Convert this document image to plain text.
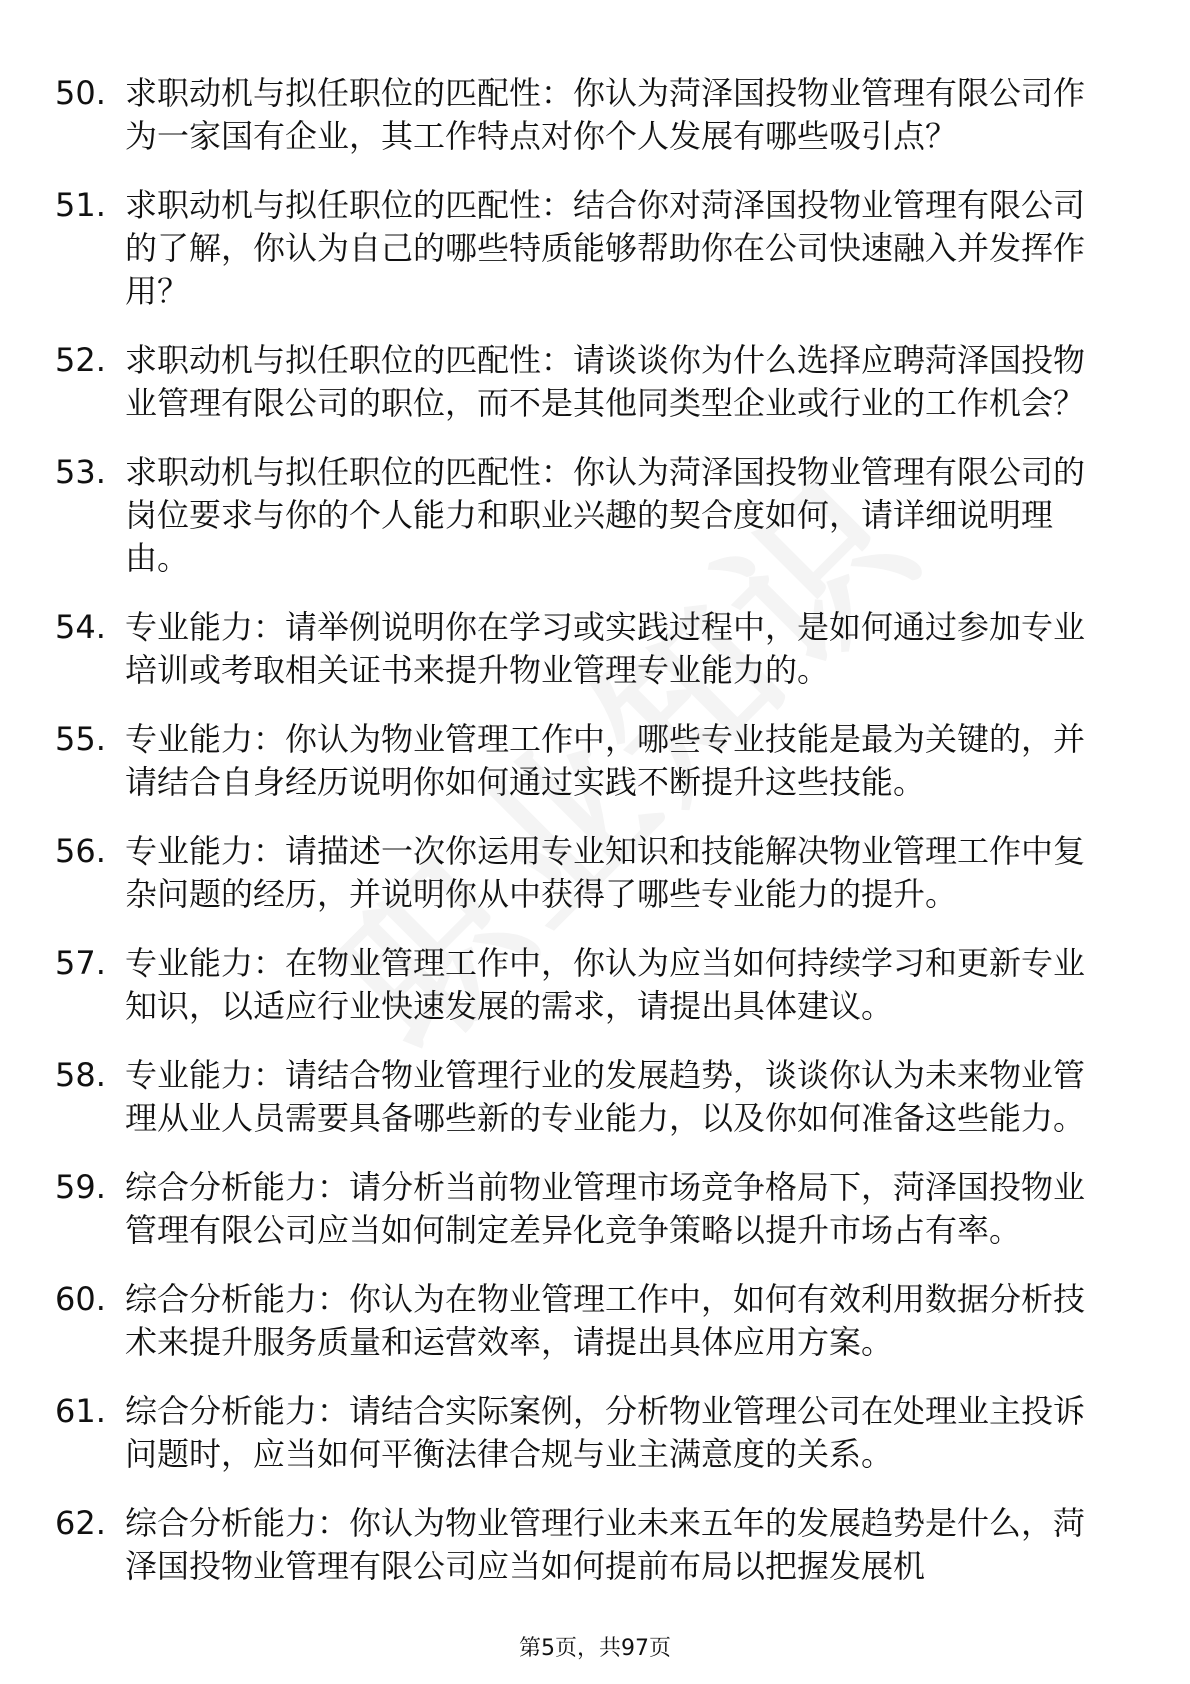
50. 求职动机与拟任职位的匹配性：你认为菏泽国投物业管理有限公司作为一家国有企业，其工作特点对你个人发展有哪些吸引点？
51. 求职动机与拟任职位的匹配性：结合你对菏泽国投物业管理有限公司的了解，你认为自己的哪些特质能够帮助你在公司快速融入并发挥作用？
52. 求职动机与拟任职位的匹配性：请谈谈你为什么选择应聘菏泽国投物业管理有限公司的职位，而不是其他同类型企业或行业的工作机会？
53. 求职动机与拟任职位的匹配性：你认为菏泽国投物业管理有限公司的岗位要求与你的个人能力和职业兴趣的契合度如何，请详细说明理由。
54. 专业能力：请举例说明你在学习或实践过程中，是如何通过参加专业培训或考取相关证书来提升物业管理专业能力的。
55. 专业能力：你认为物业管理工作中，哪些专业技能是最为关键的，并请结合自身经历说明你如何通过实践不断提升这些技能。
56. 专业能力：请描述一次你运用专业知识和技能解决物业管理工作中复杂问题的经历，并说明你从中获得了哪些专业能力的提升。
57. 专业能力：在物业管理工作中，你认为应当如何持续学习和更新专业知识，以适应行业快速发展的需求，请提出具体建议。
58. 专业能力：请结合物业管理行业的发展趋势，谈谈你认为未来物业管理从业人员需要具备哪些新的专业能力，以及你如何准备这些能力。
59. 综合分析能力：请分析当前物业管理市场竞争格局下，菏泽国投物业管理有限公司应当如何制定差异化竞争策略以提升市场占有率。
60. 综合分析能力：你认为在物业管理工作中，如何有效利用数据分析技术来提升服务质量和运营效率，请提出具体应用方案。
61. 综合分析能力：请结合实际案例，分析物业管理公司在处理业主投诉问题时，应当如何平衡法律合规与业主满意度的关系。
62. 综合分析能力：你认为物业管理行业未来五年的发展趋势是什么，菏泽国投物业管理有限公司应当如何提前布局以把握发展机
第5页，共97页
